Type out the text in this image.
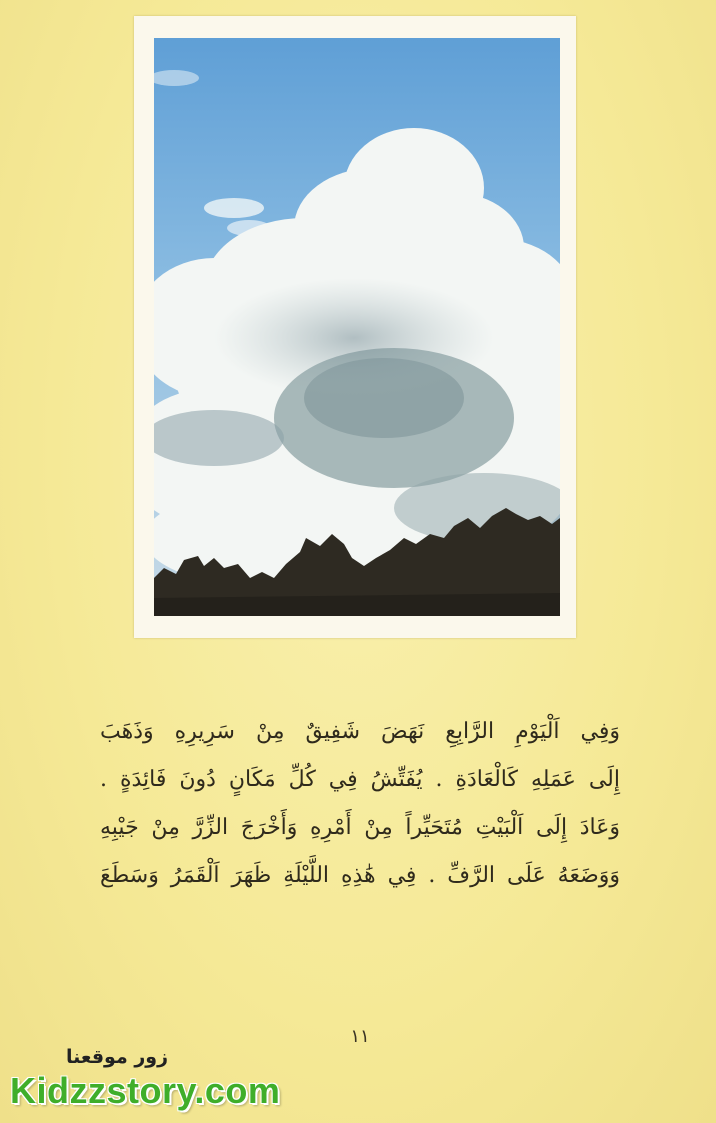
وَفِي اَلْيَوْمِ الرَّابِعِ نَهَضَ شَفِيقٌ مِنْ سَرِيرِهِ وَذَهَبَ
إِلَى عَمَلِهِ كَالْعَادَةِ . يُفَتِّشُ فِي كُلِّ مَكَانٍ دُونَ فَائِدَةٍ .
وَعَادَ إِلَى اَلْبَيْتِ مُتَحَيِّراً مِنْ أَمْرِهِ وَأَخْرَجَ الزِّرَّ مِنْ جَيْبِهِ
وَوَضَعَهُ عَلَى الرَّفِّ . فِي هَٰذِهِ اللَّيْلَةِ ظَهَرَ اَلْقَمَرُ وَسَطَعَ
١١
زور موقعنا
Kidzzstory.com
